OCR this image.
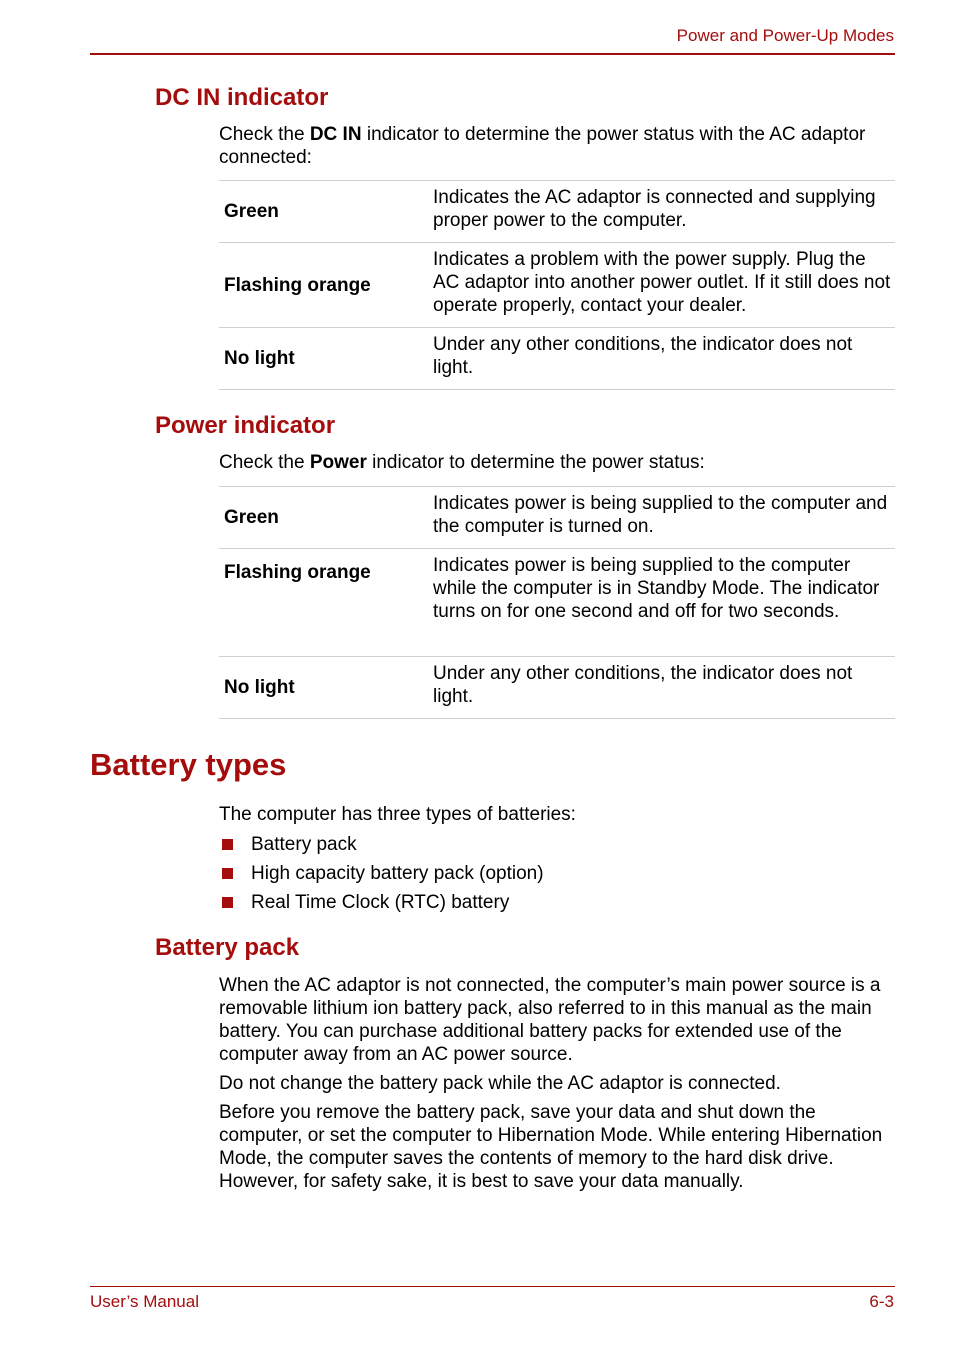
Power and Power-Up Modes
DC IN indicator

Check the DC IN indicator to determine the power status with the AC adaptor connected:

Green	Indicates the AC adaptor is connected and supplying proper power to the computer.
Flashing orange	Indicates a problem with the power supply. Plug the AC adaptor into another power outlet. If it still does not operate properly, contact your dealer.
No light	Under any other conditions, the indicator does not light.
Power indicator

Check the Power indicator to determine the power status:

Green	Indicates power is being supplied to the computer and the computer is turned on.
Flashing orange	Indicates power is being supplied to the computer while the computer is in Standby Mode. The indicator turns on for one second and off for two seconds.
No light	Under any other conditions, the indicator does not light.
Battery types

The computer has three types of batteries:

Battery pack
High capacity battery pack (option)
Real Time Clock (RTC) battery
Battery pack

When the AC adaptor is not connected, the computer’s main power source is a removable lithium ion battery pack, also referred to in this manual as the main battery. You can purchase additional battery packs for extended use of the computer away from an AC power source.

Do not change the battery pack while the AC adaptor is connected.

Before you remove the battery pack, save your data and shut down the computer, or set the computer to Hibernation Mode. While entering Hibernation Mode, the computer saves the contents of memory to the hard disk drive. However, for safety sake, it is best to save your data manually.

User’s Manual	6-3
